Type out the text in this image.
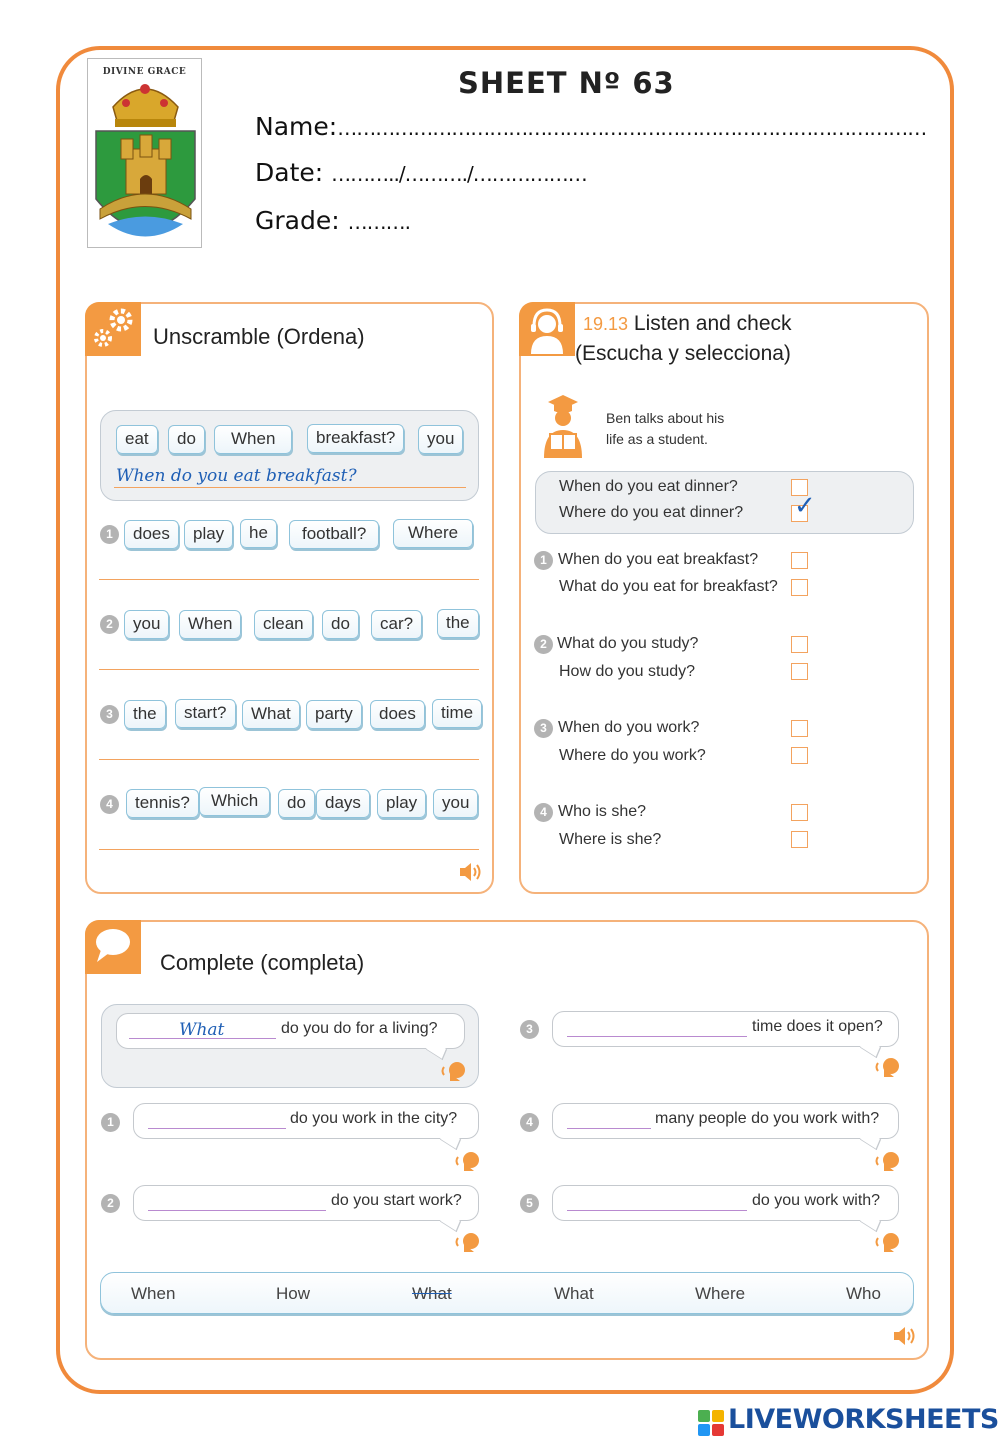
DIVINE GRACE	SHEET Nº 63
Name:…………………………………………………………………………………
Date: ………../………./………………
Grade: ……….
Unscramble (Ordena)
eat	do	When	breakfast?	you
When do you eat breakfast?
1	does	play	he	football?	Where
2	you	When	clean	do	car?	the
3	the	start?	What	party	does	time
4	tennis?	Which	do	days	play	you
19.13 Listen and check
(Escucha y selecciona)
Ben talks about his
life as a student.
When do you eat dinner?
Where do you eat dinner? ✓
1 When do you eat breakfast?
What do you eat for breakfast?
2 What do you study?
How do you study?
3 When do you work?
Where do you work?
4 Who is she?
Where is she?
Complete (completa)
What	do you do for a living?
1	do you work in the city?
2	do you start work?
3	time does it open?
4	many people do you work with?
5	do you work with?
When	How	What	What	Where	Who
LIVEWORKSHEETS
